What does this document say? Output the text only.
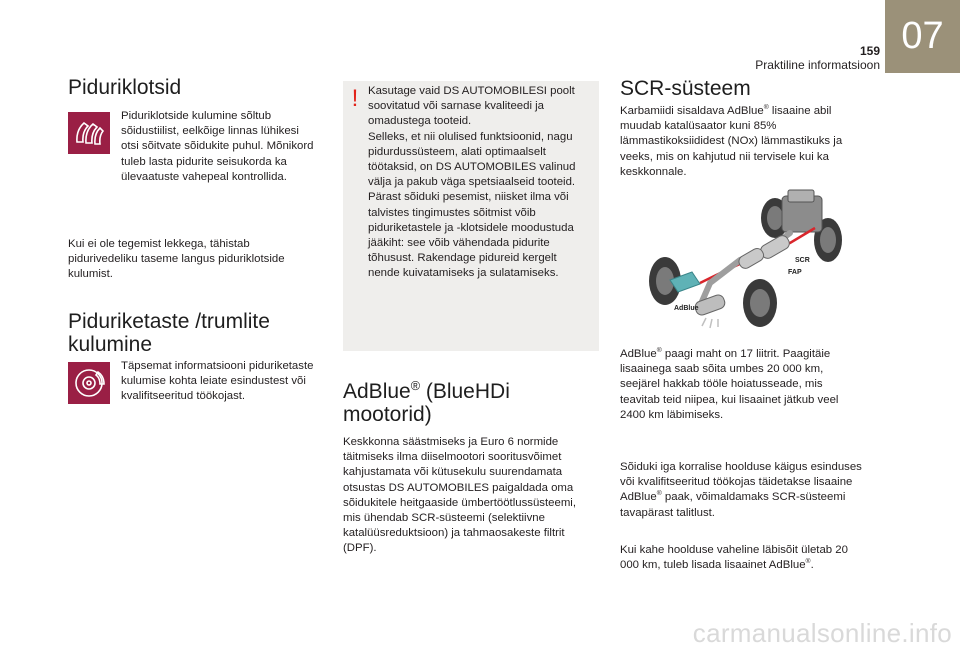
159
Praktiline informatsioon
07
Piduriklotsid

Piduriklotside kulumine sõltub sõidustiilist, eelkõige linnas lühikesi otsi sõitvate sõidukite puhul. Mõnikord tuleb lasta pidurite seisukorda ka ülevaatuste vahepeal kontrollida.

Kui ei ole tegemist lekkega, tähistab pidurivedeliku taseme langus piduriklotside kulumist.

Piduriketaste /trumlite
kulumine

Täpsemat informatsiooni piduriketaste kulumise kohta leiate esindustest või kvalifitseeritud töökojast.

! Kasutage vaid DS AUTOMOBILESI poolt soovitatud või sarnase kvaliteedi ja omadustega tooteid.
Selleks, et nii olulised funktsioonid, nagu pidurdussüsteem, alati optimaalselt töötaksid, on DS AUTOMOBILES valinud välja ja pakub väga spetsiaalseid tooteid.
Pärast sõiduki pesemist, niisket ilma või talvistes tingimustes sõitmist võib piduriketastele ja -klotsidele moodustuda jääkiht: see võib vähendada pidurite tõhusust. Rakendage pidureid kergelt nende kuivatamiseks ja sulatamiseks.

AdBlue® (BlueHDi
mootorid)

Keskkonna säästmiseks ja Euro 6 normide täitmiseks ilma diiselmootori sooritusvõimet kahjustamata või kütusekulu suurendamata otsustas DS AUTOMOBILES paigaldada oma sõidukitele heitgaaside ümbertöötlussüsteemi, mis ühendab SCR-süsteemi (selektiivne katalüüsreduktsioon) ja tahmaosakeste filtrit (DPF).

SCR-süsteem

Karbamiidi sisaldava AdBlue® lisaaine abil muudab katalüsaator kuni 85% lämmastikoksiididest (NOx) lämmastikuks ja veeks, mis on kahjutud nii tervisele kui ka keskkonnale.

SCR
FAP
AdBlue

AdBlue® paagi maht on 17 liitrit. Paagitäie lisaainega saab sõita umbes 20 000 km, seejärel hakkab tööle hoiatusseade, mis teavitab teid niipea, kui lisaainet jätkub veel 2400 km läbimiseks.

Sõiduki iga korralise hoolduse käigus esinduses või kvalifitseeritud töökojas täidetakse lisaaine AdBlue® paak, võimaldamaks SCR-süsteemi tavapärast talitlust.

Kui kahe hoolduse vaheline läbisõit ületab 20 000 km, tuleb lisada lisaainet AdBlue®.

carmanualsonline.info
